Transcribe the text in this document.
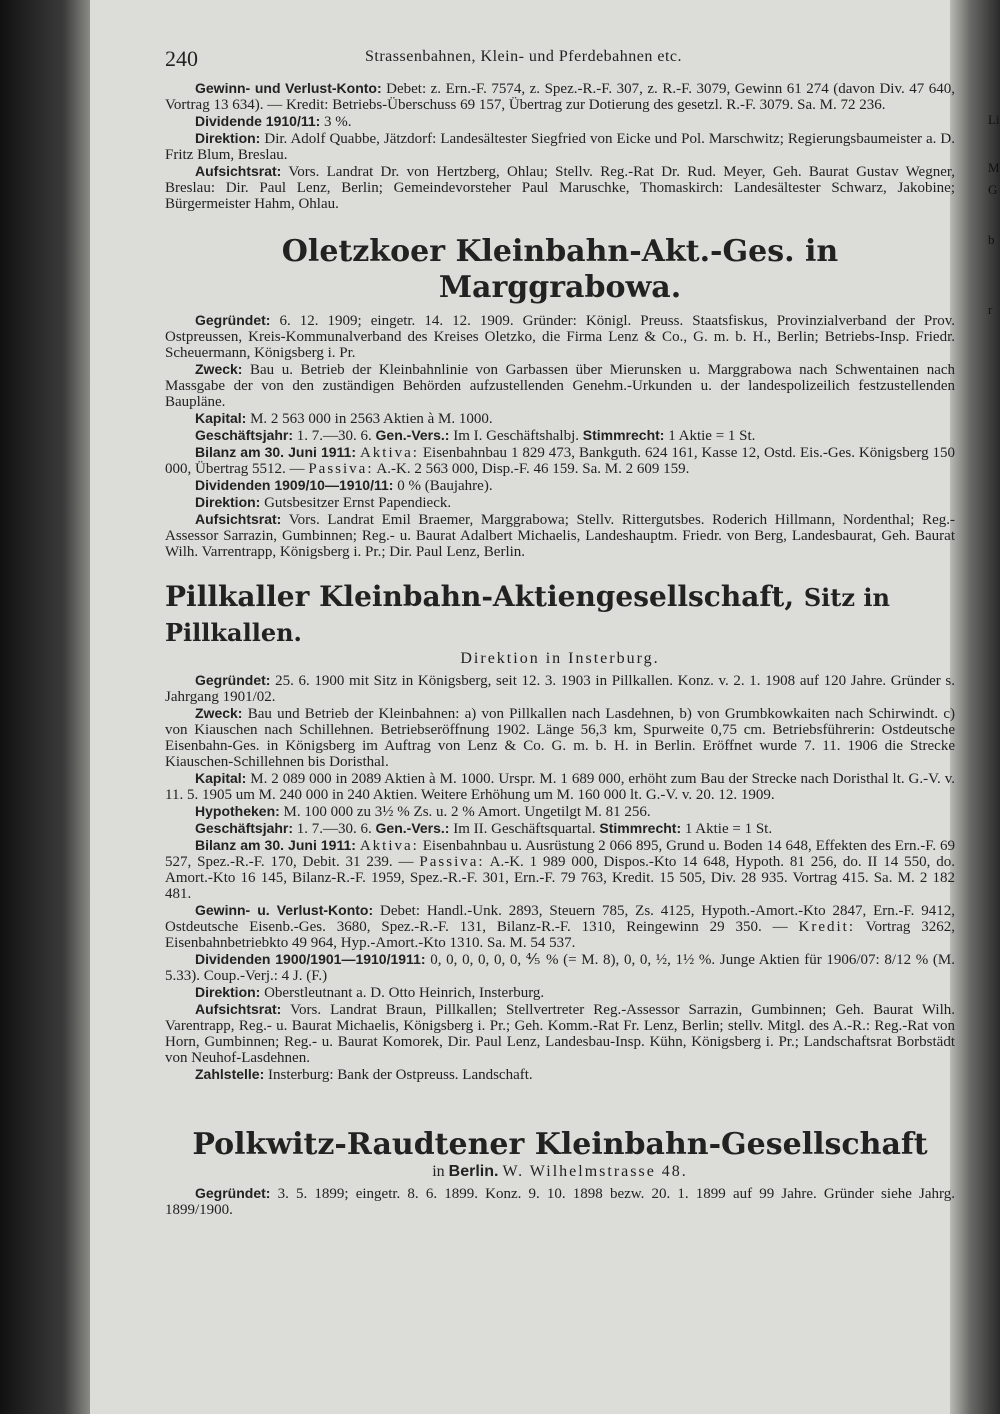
Li
M
G
b
r
240	Strassenbahnen, Klein- und Pferdebahnen etc.

Gewinn- und Verlust-Konto: Debet: z. Ern.-F. 7574, z. Spez.-R.-F. 307, z. R.-F. 3079, Gewinn 61 274 (davon Div. 47 640, Vortrag 13 634). — Kredit: Betriebs-Überschuss 69 157, Übertrag zur Dotierung des gesetzl. R.-F. 3079. Sa. M. 72 236.

Dividende 1910/11: 3 %.

Direktion: Dir. Adolf Quabbe, Jätzdorf: Landesältester Siegfried von Eicke und Pol. Marschwitz; Regierungsbaumeister a. D. Fritz Blum, Breslau.

Aufsichtsrat: Vors. Landrat Dr. von Hertzberg, Ohlau; Stellv. Reg.-Rat Dr. Rud. Meyer, Geh. Baurat Gustav Wegner, Breslau: Dir. Paul Lenz, Berlin; Gemeindevorsteher Paul Maruschke, Thomaskirch: Landesältester Schwarz, Jakobine; Bürgermeister Hahm, Ohlau.

Oletzkoer Kleinbahn-Akt.-Ges. in Marggrabowa.

Gegründet: 6. 12. 1909; eingetr. 14. 12. 1909. Gründer: Königl. Preuss. Staatsfiskus, Provinzialverband der Prov. Ostpreussen, Kreis-Kommunalverband des Kreises Oletzko, die Firma Lenz & Co., G. m. b. H., Berlin; Betriebs-Insp. Friedr. Scheuermann, Königsberg i. Pr.

Zweck: Bau u. Betrieb der Kleinbahnlinie von Garbassen über Mierunsken u. Marggrabowa nach Schwentainen nach Massgabe der von den zuständigen Behörden aufzustellenden Genehm.-Urkunden u. der landespolizeilich festzustellenden Baupläne.

Kapital: M. 2 563 000 in 2563 Aktien à M. 1000.

Geschäftsjahr: 1. 7.—30. 6. Gen.-Vers.: Im I. Geschäftshalbj. Stimmrecht: 1 Aktie = 1 St.

Bilanz am 30. Juni 1911: Aktiva: Eisenbahnbau 1 829 473, Bankguth. 624 161, Kasse 12, Ostd. Eis.-Ges. Königsberg 150 000, Übertrag 5512. — Passiva: A.-K. 2 563 000, Disp.-F. 46 159. Sa. M. 2 609 159.

Dividenden 1909/10—1910/11: 0 % (Baujahre).

Direktion: Gutsbesitzer Ernst Papendieck.

Aufsichtsrat: Vors. Landrat Emil Braemer, Marggrabowa; Stellv. Rittergutsbes. Roderich Hillmann, Nordenthal; Reg.-Assessor Sarrazin, Gumbinnen; Reg.- u. Baurat Adalbert Michaelis, Landeshauptm. Friedr. von Berg, Landesbaurat, Geh. Baurat Wilh. Varrentrapp, Königsberg i. Pr.; Dir. Paul Lenz, Berlin.

Pillkaller Kleinbahn-Aktiengesellschaft, Sitz in Pillkallen.
Direktion in Insterburg.

Gegründet: 25. 6. 1900 mit Sitz in Königsberg, seit 12. 3. 1903 in Pillkallen. Konz. v. 2. 1. 1908 auf 120 Jahre. Gründer s. Jahrgang 1901/02.

Zweck: Bau und Betrieb der Kleinbahnen: a) von Pillkallen nach Lasdehnen, b) von Grumbkowkaiten nach Schirwindt. c) von Kiauschen nach Schillehnen. Betriebseröffnung 1902. Länge 56,3 km, Spurweite 0,75 cm. Betriebsführerin: Ostdeutsche Eisenbahn-Ges. in Königsberg im Auftrag von Lenz & Co. G. m. b. H. in Berlin. Eröffnet wurde 7. 11. 1906 die Strecke Kiauschen-Schillehnen bis Doristhal.

Kapital: M. 2 089 000 in 2089 Aktien à M. 1000. Urspr. M. 1 689 000, erhöht zum Bau der Strecke nach Doristhal lt. G.-V. v. 11. 5. 1905 um M. 240 000 in 240 Aktien. Weitere Erhöhung um M. 160 000 lt. G.-V. v. 20. 12. 1909.

Hypotheken: M. 100 000 zu 3½ % Zs. u. 2 % Amort. Ungetilgt M. 81 256.

Geschäftsjahr: 1. 7.—30. 6. Gen.-Vers.: Im II. Geschäftsquartal. Stimmrecht: 1 Aktie = 1 St.

Bilanz am 30. Juni 1911: Aktiva: Eisenbahnbau u. Ausrüstung 2 066 895, Grund u. Boden 14 648, Effekten des Ern.-F. 69 527, Spez.-R.-F. 170, Debit. 31 239. — Passiva: A.-K. 1 989 000, Dispos.-Kto 14 648, Hypoth. 81 256, do. II 14 550, do. Amort.-Kto 16 145, Bilanz-R.-F. 1959, Spez.-R.-F. 301, Ern.-F. 79 763, Kredit. 15 505, Div. 28 935. Vortrag 415. Sa. M. 2 182 481.

Gewinn- u. Verlust-Konto: Debet: Handl.-Unk. 2893, Steuern 785, Zs. 4125, Hypoth.-Amort.-Kto 2847, Ern.-F. 9412, Ostdeutsche Eisenb.-Ges. 3680, Spez.-R.-F. 131, Bilanz-R.-F. 1310, Reingewinn 29 350. — Kredit: Vortrag 3262, Eisenbahnbetriebkto 49 964, Hyp.-Amort.-Kto 1310. Sa. M. 54 537.

Dividenden 1900/1901—1910/1911: 0, 0, 0, 0, 0, 0, ⅘ % (= M. 8), 0, 0, ½, 1½ %. Junge Aktien für 1906/07: 8/12 % (M. 5.33). Coup.-Verj.: 4 J. (F.)

Direktion: Oberstleutnant a. D. Otto Heinrich, Insterburg.

Aufsichtsrat: Vors. Landrat Braun, Pillkallen; Stellvertreter Reg.-Assessor Sarrazin, Gumbinnen; Geh. Baurat Wilh. Varentrapp, Reg.- u. Baurat Michaelis, Königsberg i. Pr.; Geh. Komm.-Rat Fr. Lenz, Berlin; stellv. Mitgl. des A.-R.: Reg.-Rat von Horn, Gumbinnen; Reg.- u. Baurat Komorek, Dir. Paul Lenz, Landesbau-Insp. Kühn, Königsberg i. Pr.; Landschaftsrat Borbstädt von Neuhof-Lasdehnen.

Zahlstelle: Insterburg: Bank der Ostpreuss. Landschaft.

Polkwitz-Raudtener Kleinbahn-Gesellschaft
in Berlin. W. Wilhelmstrasse 48.

Gegründet: 3. 5. 1899; eingetr. 8. 6. 1899. Konz. 9. 10. 1898 bezw. 20. 1. 1899 auf 99 Jahre. Gründer siehe Jahrg. 1899/1900.
